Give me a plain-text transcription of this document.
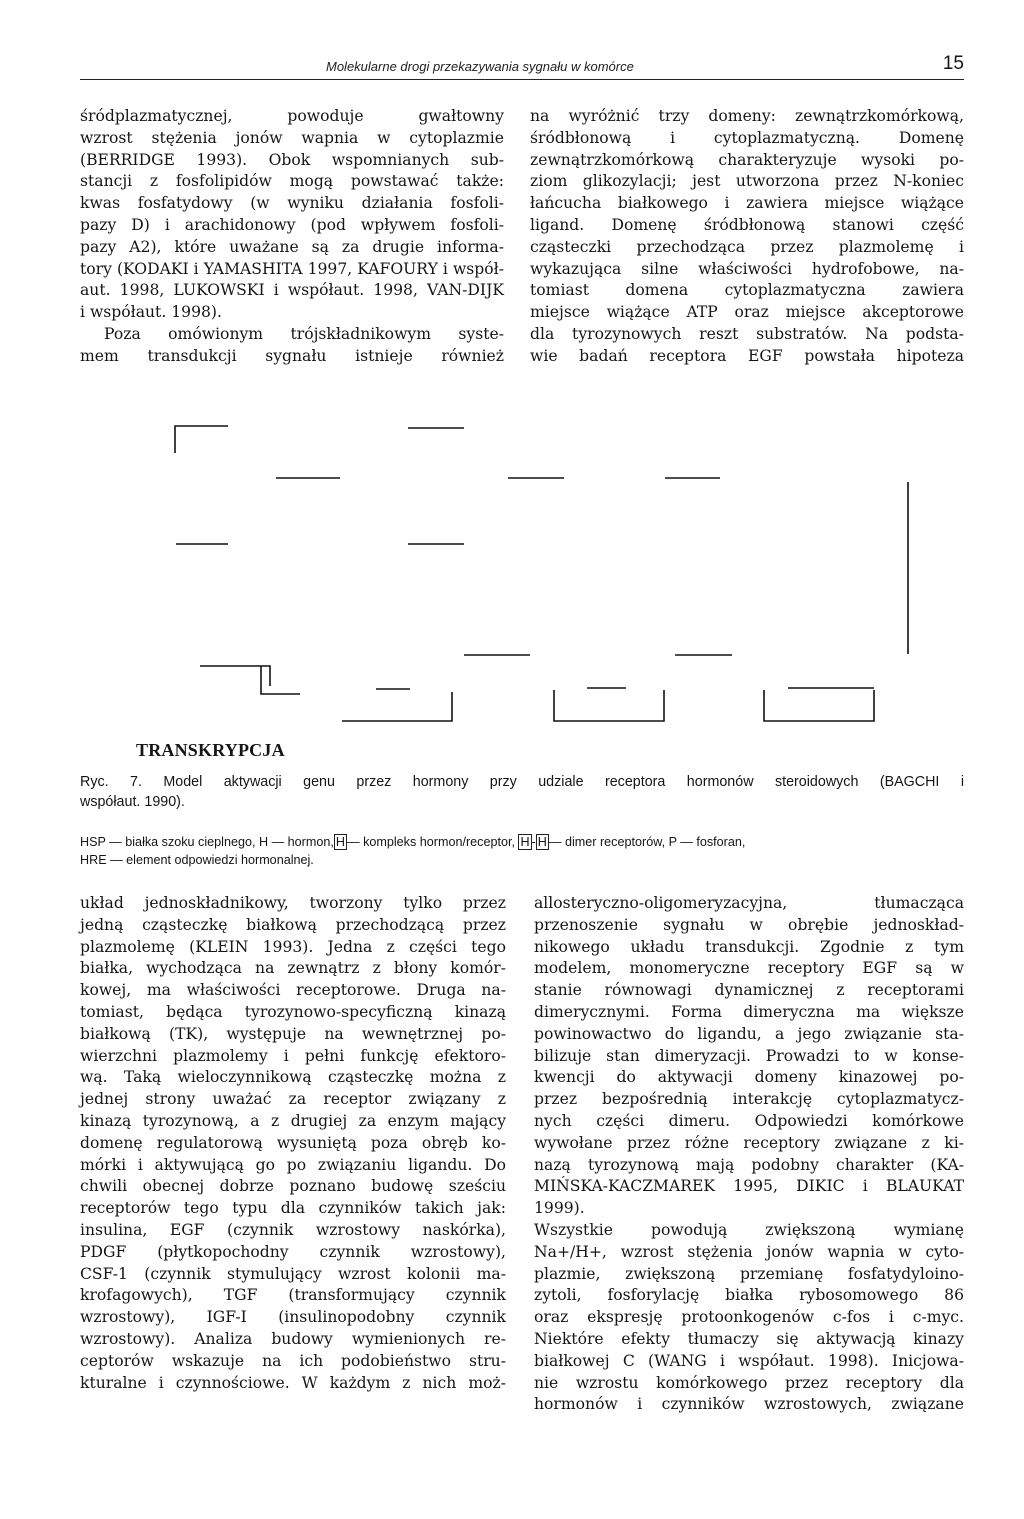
Molekularne drogi przekazywania sygnału w komórce	15

śródplazmatycznej, powoduje gwałtowny

wzrost stężenia jonów wapnia w cytoplazmie

(BERRIDGE 1993). Obok wspomnianych sub-

stancji z fosfolipidów mogą powstawać także:

kwas fosfatydowy (w wyniku działania fosfoli-

pazy D) i arachidonowy (pod wpływem fosfoli-

pazy A2), które uważane są za drugie informa-

tory (KODAKI i YAMASHITA 1997, KAFOURY i współ-

aut. 1998, LUKOWSKI i współaut. 1998, VAN-DIJK

i współaut. 1998).

Poza omówionym trójskładnikowym syste-

mem transdukcji sygnału istnieje również

na wyróżnić trzy domeny: zewnątrzkomórkową,

śródbłonową i cytoplazmatyczną. Domenę

zewnątrzkomórkową charakteryzuje wysoki po-

ziom glikozylacji; jest utworzona przez N-koniec

łańcucha białkowego i zawiera miejsce wiążące

ligand. Domenę śródbłonową stanowi część

cząsteczki przechodząca przez plazmolemę i

wykazująca silne właściwości hydrofobowe, na-

tomiast domena cytoplazmatyczna zawiera

miejsce wiążące ATP oraz miejsce akceptorowe

dla tyrozynowych reszt substratów. Na podsta-

wie badań receptora EGF powstała hipoteza

TRANSKRYPCJA

Ryc. 7. Model aktywacji genu przez hormony przy udziale receptora hormonów steroidowych (BAGCHI i

współaut. 1990).

HSP — białka szoku cieplnego, H — hormon, H — kompleks hormon/receptor, H - H — dimer receptorów, P — fosforan,
HRE — element odpowiedzi hormonalnej.

układ jednoskładnikowy, tworzony tylko przez

jedną cząsteczkę białkową przechodzącą przez

plazmolemę (KLEIN 1993). Jedna z części tego

białka, wychodząca na zewnątrz z błony komór-

kowej, ma właściwości receptorowe. Druga na-

tomiast, będąca tyrozynowo-specyficzną kinazą

białkową (TK), występuje na wewnętrznej po-

wierzchni plazmolemy i pełni funkcję efektoro-

wą. Taką wieloczynnikową cząsteczkę można z

jednej strony uważać za receptor związany z

kinazą tyrozynową, a z drugiej za enzym mający

domenę regulatorową wysuniętą poza obręb ko-

mórki i aktywującą go po związaniu ligandu. Do

chwili obecnej dobrze poznano budowę sześciu

receptorów tego typu dla czynników takich jak:

insulina, EGF (czynnik wzrostowy naskórka),

PDGF (płytkopochodny czynnik wzrostowy),

CSF-1 (czynnik stymulujący wzrost kolonii ma-

krofagowych), TGF (transformujący czynnik

wzrostowy), IGF-I (insulinopodobny czynnik

wzrostowy). Analiza budowy wymienionych re-

ceptorów wskazuje na ich podobieństwo stru-

kturalne i czynnościowe. W każdym z nich moż-

allosteryczno-oligomeryzacyjna, tłumacząca

przenoszenie sygnału w obrębie jednoskład-

nikowego układu transdukcji. Zgodnie z tym

modelem, monomeryczne receptory EGF są w

stanie równowagi dynamicznej z receptorami

dimerycznymi. Forma dimeryczna ma większe

powinowactwo do ligandu, a jego związanie sta-

bilizuje stan dimeryzacji. Prowadzi to w konse-

kwencji do aktywacji domeny kinazowej po-

przez bezpośrednią interakcję cytoplazmatycz-

nych części dimeru. Odpowiedzi komórkowe

wywołane przez różne receptory związane z ki-

nazą tyrozynową mają podobny charakter (KA-

MIŃSKA-KACZMAREK 1995, DIKIC i BLAUKAT 1999).

Wszystkie powodują zwiększoną wymianę

Na+/H+, wzrost stężenia jonów wapnia w cyto-

plazmie, zwiększoną przemianę fosfatydyloino-

zytoli, fosforylację białka rybosomowego 86

oraz ekspresję protoonkogenów c-fos i c-myc.

Niektóre efekty tłumaczy się aktywacją kinazy

białkowej C (WANG i współaut. 1998). Inicjowa-

nie wzrostu komórkowego przez receptory dla

hormonów i czynników wzrostowych, związane
